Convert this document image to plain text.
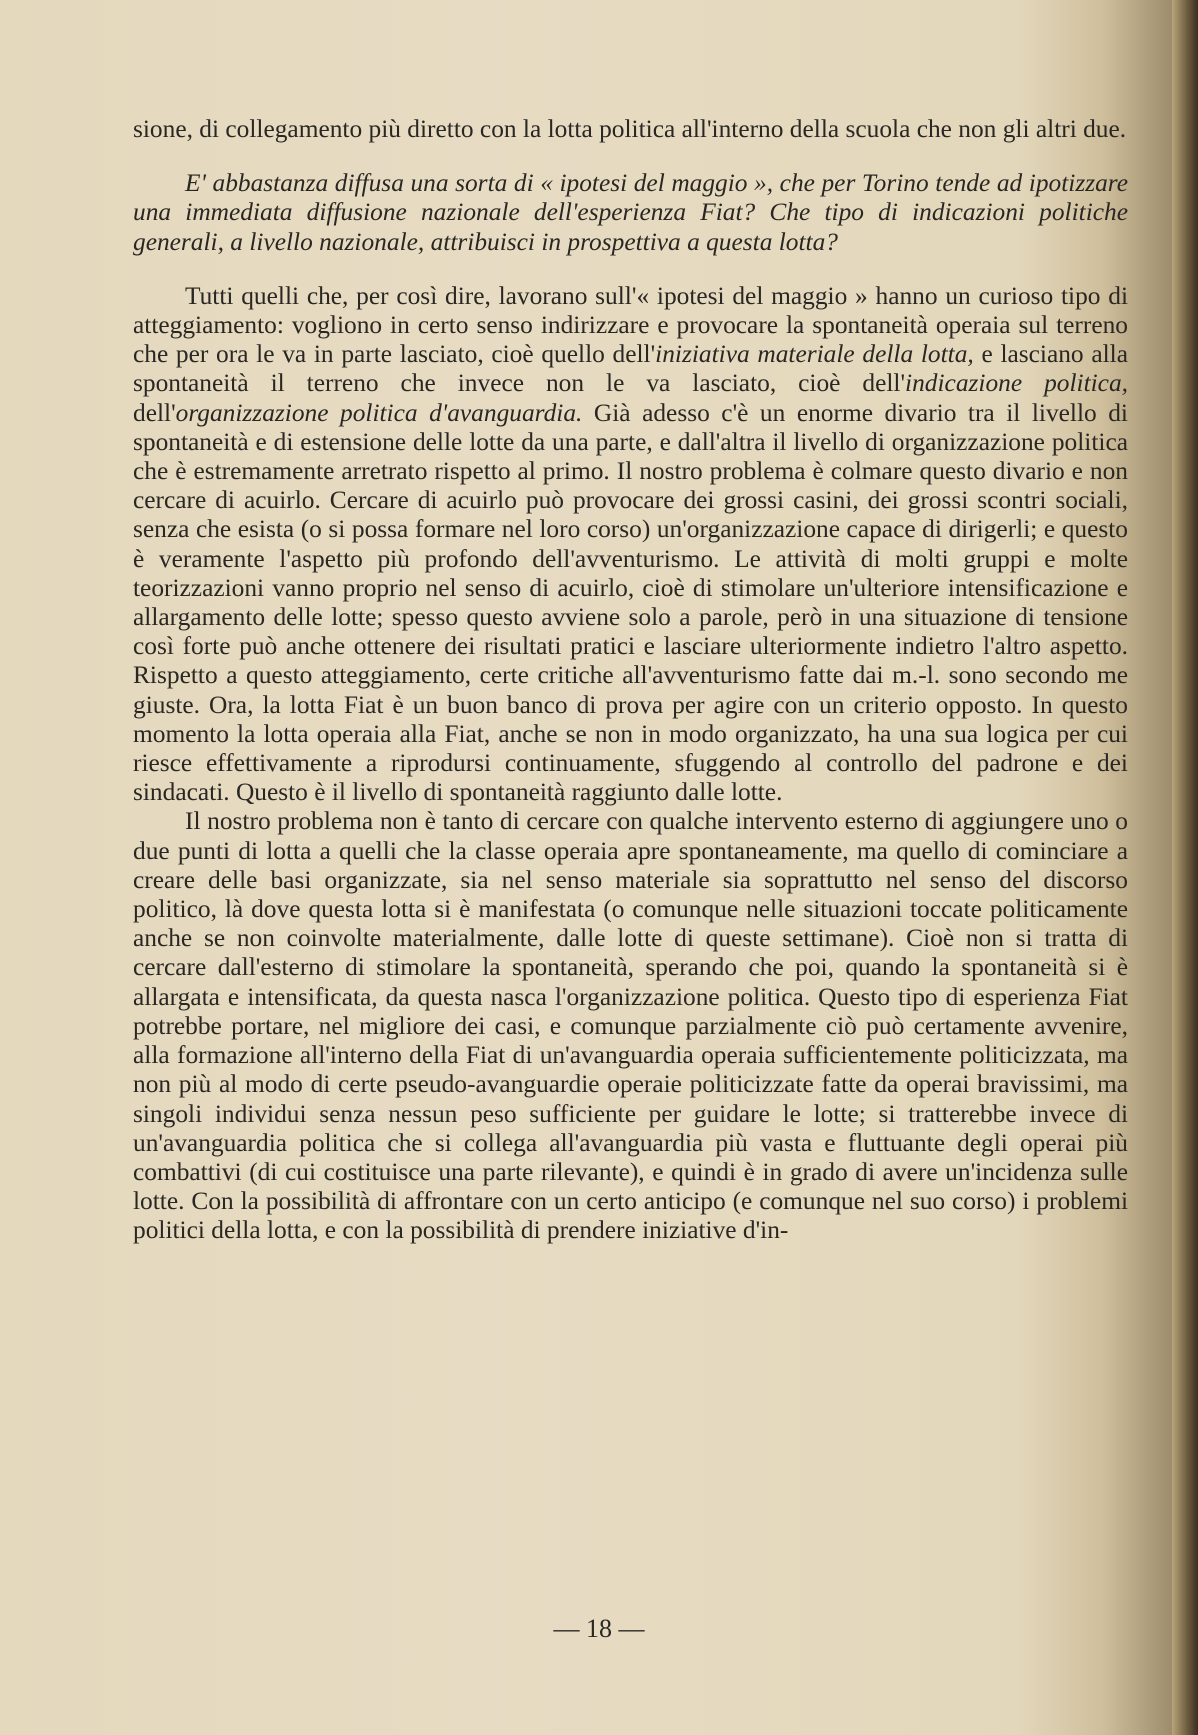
sione, di collegamento più diretto con la lotta politica all'interno della scuola che non gli altri due.

E' abbastanza diffusa una sorta di « ipotesi del maggio », che per Torino tende ad ipotizzare una immediata diffusione nazionale dell'esperienza Fiat? Che tipo di indicazioni politiche generali, a livello nazionale, attribuisci in prospettiva a questa lotta?

Tutti quelli che, per così dire, lavorano sull'« ipotesi del maggio » hanno un curioso tipo di atteggiamento: vogliono in certo senso indirizzare e provocare la spontaneità operaia sul terreno che per ora le va in parte lasciato, cioè quello dell'iniziativa materiale della lotta, e lasciano alla spontaneità il terreno che invece non le va lasciato, cioè dell'indicazione politica, dell'organizzazione politica d'avanguardia. Già adesso c'è un enorme divario tra il livello di spontaneità e di estensione delle lotte da una parte, e dall'altra il livello di organizzazione politica che è estremamente arretrato rispetto al primo. Il nostro problema è colmare questo divario e non cercare di acuirlo. Cercare di acuirlo può provocare dei grossi casini, dei grossi scontri sociali, senza che esista (o si possa formare nel loro corso) un'organizzazione capace di dirigerli; e questo è veramente l'aspetto più profondo dell'avventurismo. Le attività di molti gruppi e molte teorizzazioni vanno proprio nel senso di acuirlo, cioè di stimolare un'ulteriore intensificazione e allargamento delle lotte; spesso questo avviene solo a parole, però in una situazione di tensione così forte può anche ottenere dei risultati pratici e lasciare ulteriormente indietro l'altro aspetto. Rispetto a questo atteggiamento, certe critiche all'avventurismo fatte dai m.-l. sono secondo me giuste. Ora, la lotta Fiat è un buon banco di prova per agire con un criterio opposto. In questo momento la lotta operaia alla Fiat, anche se non in modo organizzato, ha una sua logica per cui riesce effettivamente a riprodursi continuamente, sfuggendo al controllo del padrone e dei sindacati. Questo è il livello di spontaneità raggiunto dalle lotte.

Il nostro problema non è tanto di cercare con qualche intervento esterno di aggiungere uno o due punti di lotta a quelli che la classe operaia apre spontaneamente, ma quello di cominciare a creare delle basi organizzate, sia nel senso materiale sia soprattutto nel senso del discorso politico, là dove questa lotta si è manifestata (o comunque nelle situazioni toccate politicamente anche se non coinvolte materialmente, dalle lotte di queste settimane). Cioè non si tratta di cercare dall'esterno di stimolare la spontaneità, sperando che poi, quando la spontaneità si è allargata e intensificata, da questa nasca l'organizzazione politica. Questo tipo di esperienza Fiat potrebbe portare, nel migliore dei casi, e comunque parzialmente ciò può certamente avvenire, alla formazione all'interno della Fiat di un'avanguardia operaia sufficientemente politicizzata, ma non più al modo di certe pseudo-avanguardie operaie politicizzate fatte da operai bravissimi, ma singoli individui senza nessun peso sufficiente per guidare le lotte; si tratterebbe invece di un'avanguardia politica che si collega all'avanguardia più vasta e fluttuante degli operai più combattivi (di cui costituisce una parte rilevante), e quindi è in grado di avere un'incidenza sulle lotte. Con la possibilità di affrontare con un certo anticipo (e comunque nel suo corso) i problemi politici della lotta, e con la possibilità di prendere iniziative d'in-

— 18 —
